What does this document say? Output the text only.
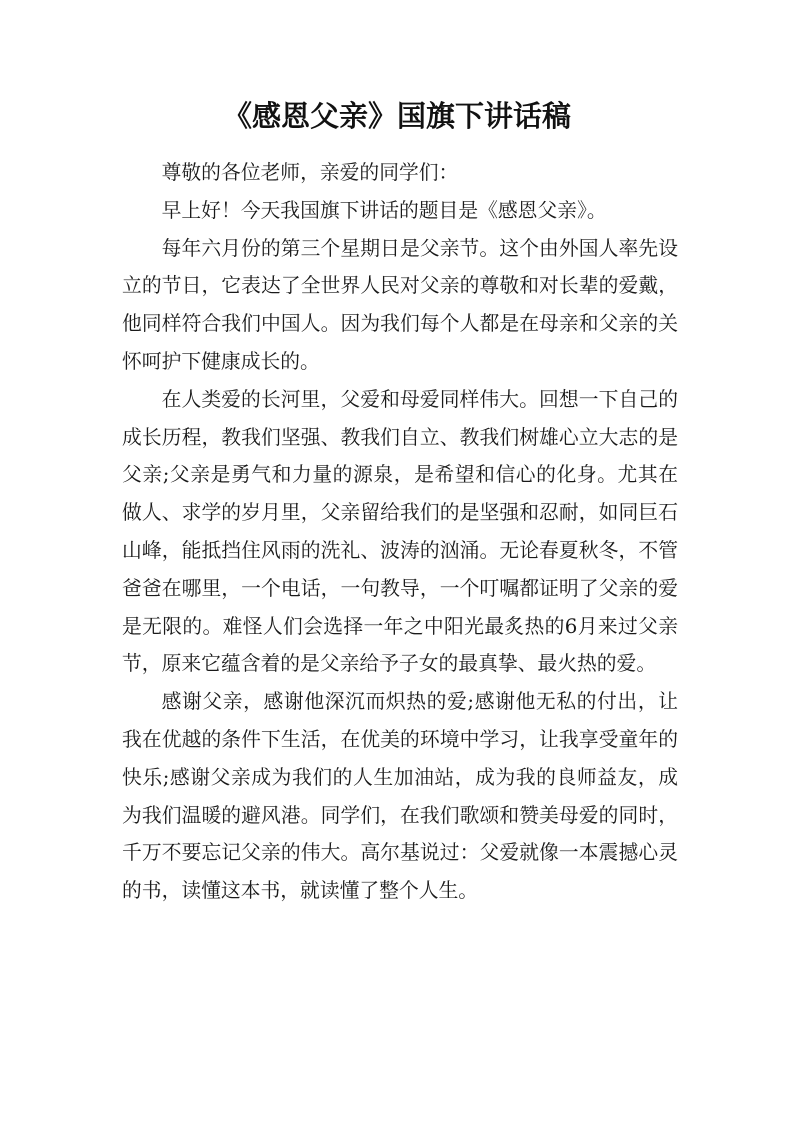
《感恩父亲》国旗下讲话稿

尊敬的各位老师，亲爱的同学们：

早上好！今天我国旗下讲话的题目是《感恩父亲》。

每年六月份的第三个星期日是父亲节。这个由外国人率先设立的节日，它表达了全世界人民对父亲的尊敬和对长辈的爱戴，他同样符合我们中国人。因为我们每个人都是在母亲和父亲的关怀呵护下健康成长的。

在人类爱的长河里，父爱和母爱同样伟大。回想一下自己的成长历程，教我们坚强、教我们自立、教我们树雄心立大志的是父亲;父亲是勇气和力量的源泉，是希望和信心的化身。尤其在做人、求学的岁月里，父亲留给我们的是坚强和忍耐，如同巨石山峰，能抵挡住风雨的洗礼、波涛的汹涌。无论春夏秋冬，不管爸爸在哪里，一个电话，一句教导，一个叮嘱都证明了父亲的爱是无限的。难怪人们会选择一年之中阳光最炙热的6月来过父亲节，原来它蕴含着的是父亲给予子女的最真挚、最火热的爱。

感谢父亲，感谢他深沉而炽热的爱;感谢他无私的付出，让我在优越的条件下生活，在优美的环境中学习，让我享受童年的快乐;感谢父亲成为我们的人生加油站，成为我的良师益友，成为我们温暖的避风港。同学们，在我们歌颂和赞美母爱的同时，千万不要忘记父亲的伟大。高尔基说过：父爱就像一本震撼心灵的书，读懂这本书，就读懂了整个人生。
